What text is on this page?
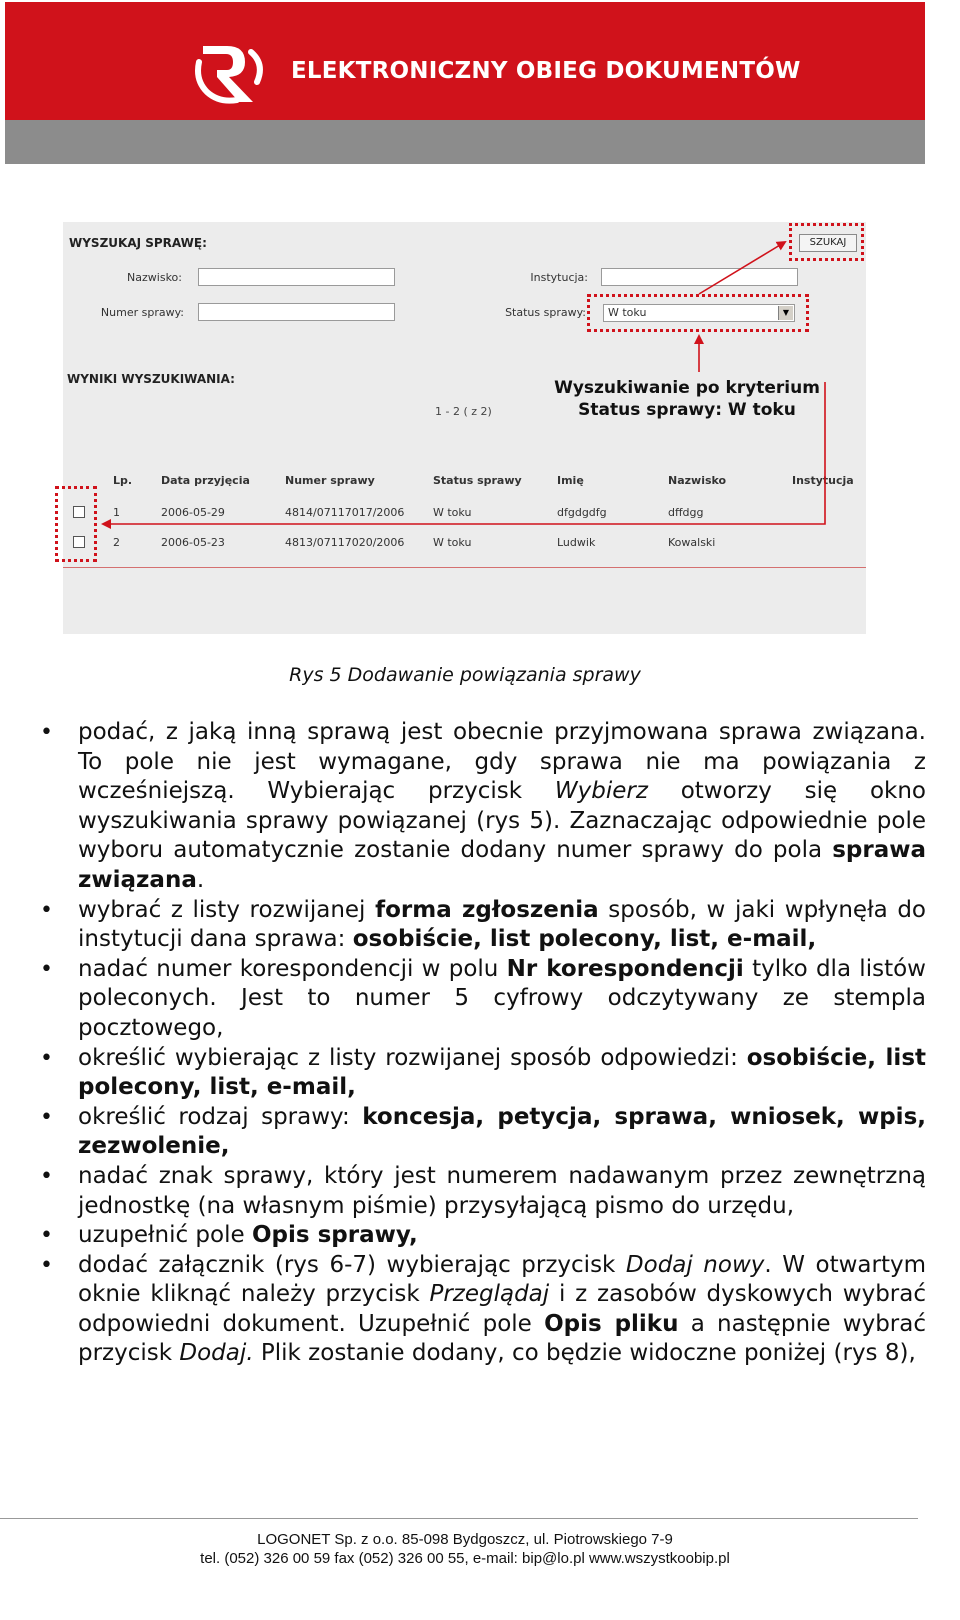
ELEKTRONICZNY OBIEG DOKUMENTÓW
WYSZUKAJ SPRAWĘ:
Nazwisko:
Numer sprawy:
Instytucja:
Status sprawy:	W toku	▼
SZUKAJ
WYNIKI WYSZUKIWANIA:
1 - 2 ( z 2)
Wyszukiwanie po kryterium Status sprawy: W toku
Lp.	Data przyjęcia	Numer sprawy	Status sprawy	Imię	Nazwisko	Instytucja
1	2006-05-29	4814/07117017/2006	W toku	dfgdgdfg	dffdgg
2	2006-05-23	4813/07117020/2006	W toku	Ludwik	Kowalski
Rys 5 Dodawanie powiązania sprawy
• podać, z jaką inną sprawą jest obecnie przyjmowana sprawa związana. To pole nie jest wymagane, gdy sprawa nie ma powiązania z wcześniejszą. Wybierając przycisk Wybierz otworzy się okno wyszukiwania sprawy powiązanej (rys 5). Zaznaczając odpowiednie pole wyboru automatycznie zostanie dodany numer sprawy do pola sprawa związana.
• wybrać z listy rozwijanej forma zgłoszenia sposób, w jaki wpłynęła do instytucji dana sprawa: osobiście, list polecony, list, e-mail,
• nadać numer korespondencji w polu Nr korespondencji tylko dla listów poleconych. Jest to numer 5 cyfrowy odczytywany ze stempla pocztowego,
• określić wybierając z listy rozwijanej sposób odpowiedzi: osobiście, list polecony, list, e-mail,
• określić rodzaj sprawy: koncesja, petycja, sprawa, wniosek, wpis, zezwolenie,
• nadać znak sprawy, który jest numerem nadawanym przez zewnętrzną jednostkę (na własnym piśmie) przysyłającą pismo do urzędu,
• uzupełnić pole Opis sprawy,
• dodać załącznik (rys 6-7) wybierając przycisk Dodaj nowy. W otwartym oknie kliknąć należy przycisk Przeglądaj i z zasobów dyskowych wybrać odpowiedni dokument. Uzupełnić pole Opis pliku a następnie wybrać przycisk Dodaj. Plik zostanie dodany, co będzie widoczne poniżej (rys 8),
LOGONET Sp. z o.o. 85-098 Bydgoszcz, ul. Piotrowskiego 7-9
tel. (052) 326 00 59 fax (052) 326 00 55, e-mail: bip@lo.pl www.wszystkoobip.pl
